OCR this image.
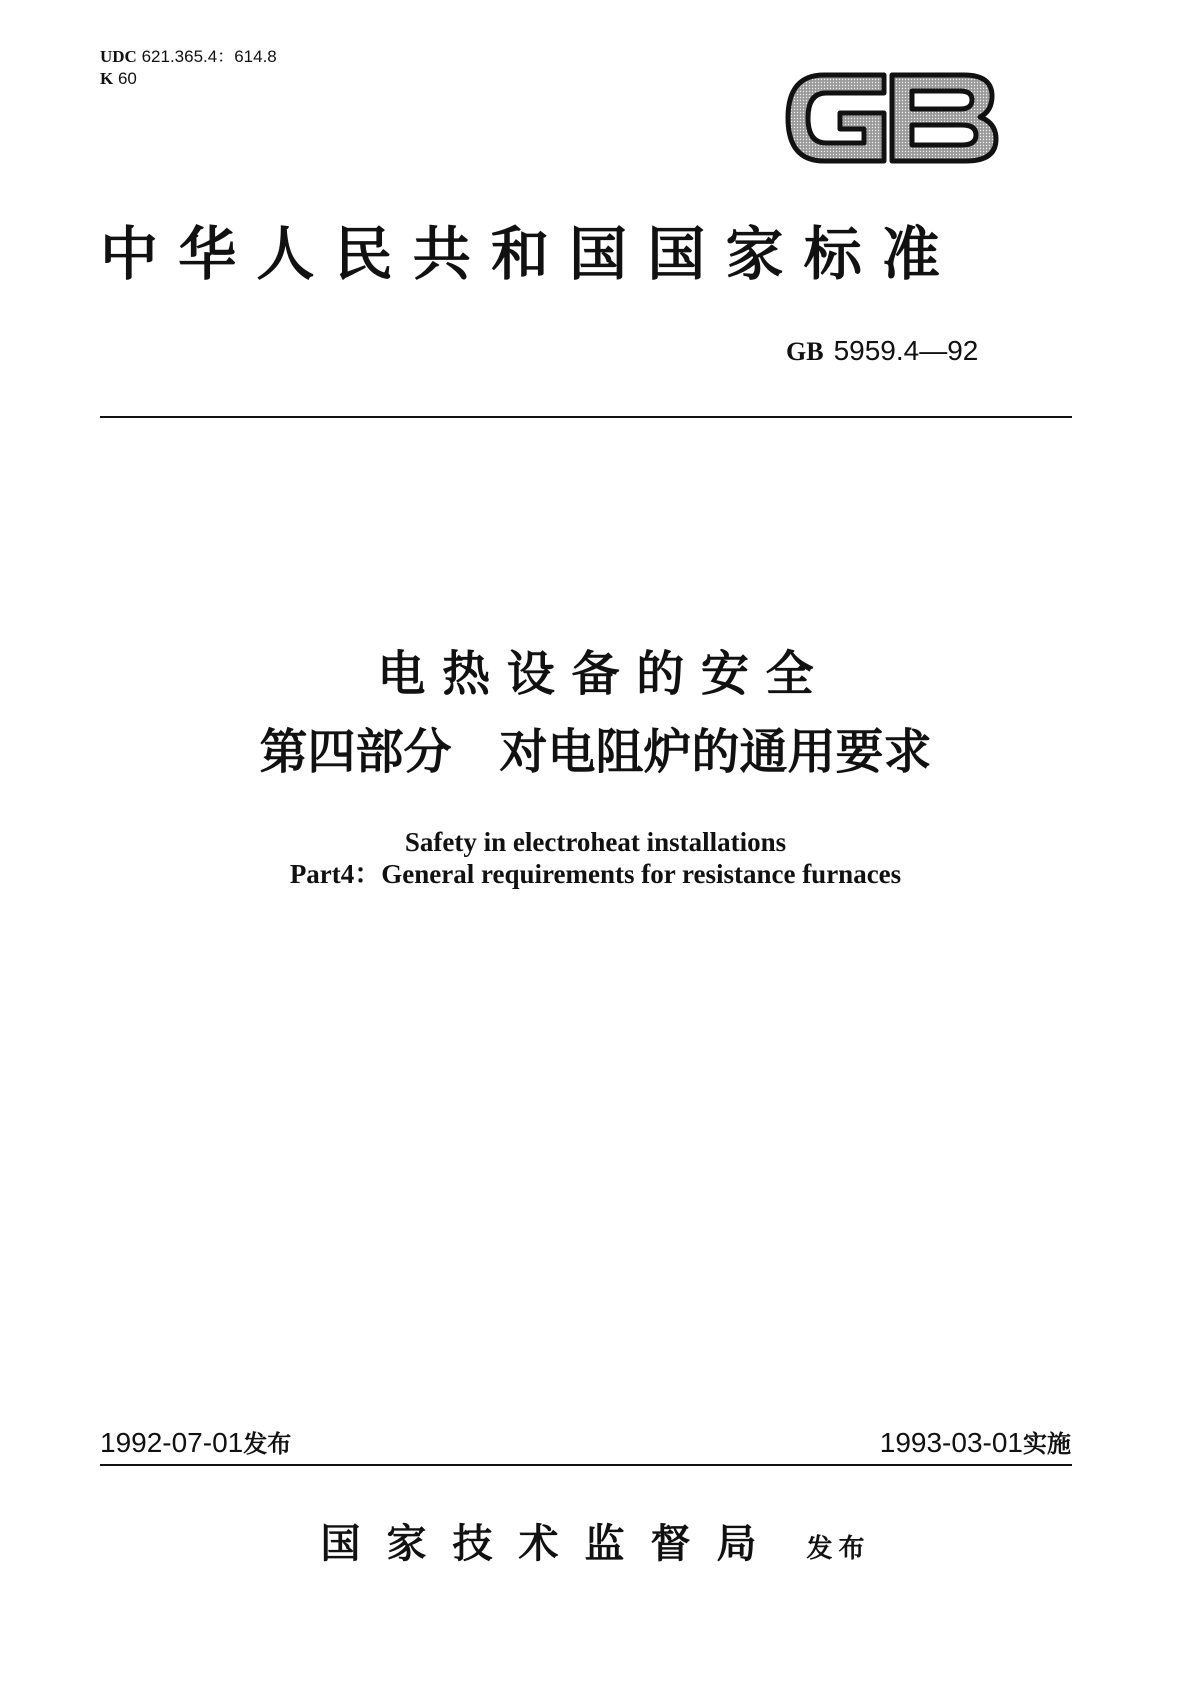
UDC 621.365.4：614.8
K 60
中 华 人 民 共 和 国 国 家 标 准
GB 5959.4—92
电 热 设 备 的 安 全
第四部分　对电阻炉的通用要求
Safety in electroheat installations
Part4：General requirements for resistance furnaces
1992-07-01发布	1993-03-01实施
国家技术监督局 发布
